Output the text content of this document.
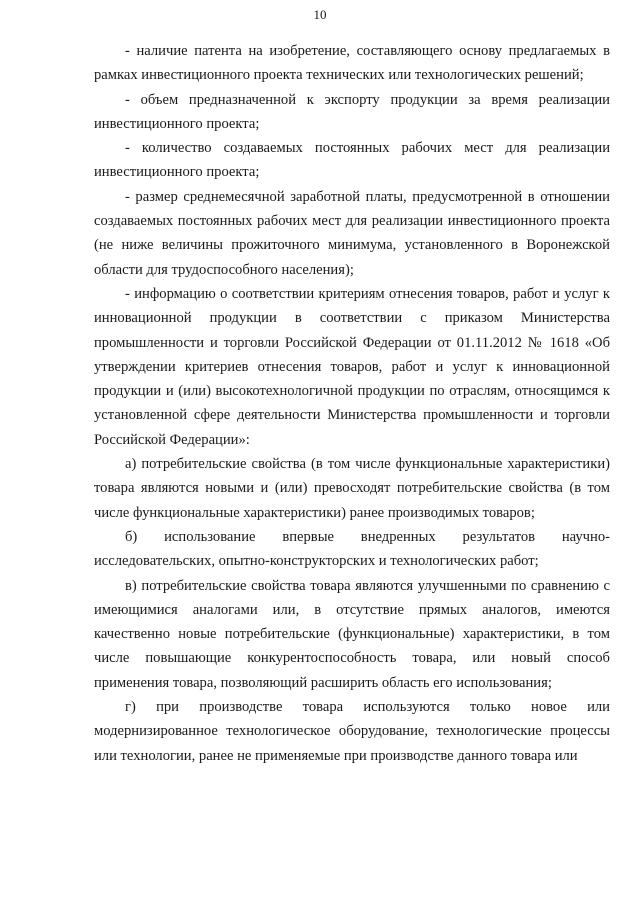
10

- наличие патента на изобретение, составляющего основу предлагаемых в рамках инвестиционного проекта технических или технологических решений;

- объем предназначенной к экспорту продукции за время реализации инвестиционного проекта;

- количество создаваемых постоянных рабочих мест для реализации инвестиционного проекта;

- размер среднемесячной заработной платы, предусмотренной в отношении создаваемых постоянных рабочих мест для реализации инвестиционного проекта (не ниже величины прожиточного минимума, установленного в Воронежской области для трудоспособного населения);

- информацию о соответствии критериям отнесения товаров, работ и услуг к инновационной продукции в соответствии с приказом Министерства промышленности и торговли Российской Федерации от 01.11.2012 № 1618 «Об утверждении критериев отнесения товаров, работ и услуг к инновационной продукции и (или) высокотехнологичной продукции по отраслям, относящимся к установленной сфере деятельности Министерства промышленности и торговли Российской Федерации»:

а) потребительские свойства (в том числе функциональные характеристики) товара являются новыми и (или) превосходят потребительские свойства (в том числе функциональные характеристики) ранее производимых товаров;

б) использование впервые внедренных результатов научно-исследовательских, опытно-конструкторских и технологических работ;

в) потребительские свойства товара являются улучшенными по сравнению с имеющимися аналогами или, в отсутствие прямых аналогов, имеются качественно новые потребительские (функциональные) характеристики, в том числе повышающие конкурентоспособность товара, или новый способ применения товара, позволяющий расширить область его использования;

г) при производстве товара используются только новое или модернизированное технологическое оборудование, технологические процессы или технологии, ранее не применяемые при производстве данного товара или
